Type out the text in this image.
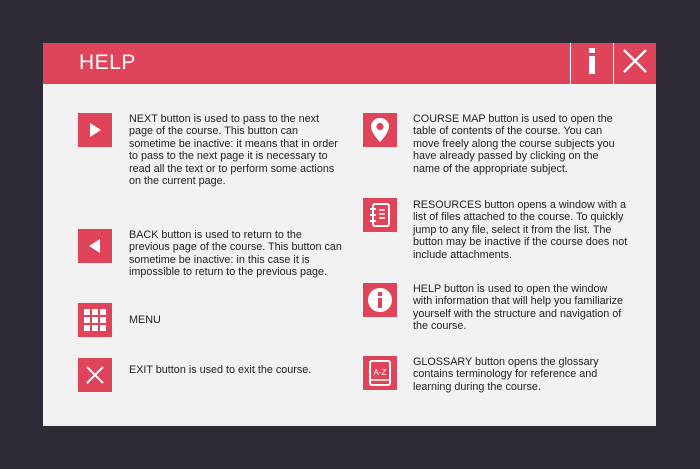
HELP
NEXT button is used to pass to the next page of the course. This button can sometime be inactive: it means that in order to pass to the next page it is necessary to read all the text or to perform some actions on the current page.
BACK button is used to return to the previous page of the course. This button can sometime be inactive: in this case it is impossible to return to the previous page.
MENU
EXIT button is used to exit the course.
COURSE MAP button is used to open the table of contents of the course. You can move freely along the course subjects you have already passed by clicking on the name of the appropriate subject.
RESOURCES button opens a window with a list of files attached to the course. To quickly jump to any file, select it from the list. The button may be inactive if the course does not include attachments.
HELP button is used to open the window with information that will help you familiarize yourself with the structure and navigation of the course.
A-Z
GLOSSARY button opens the glossary contains terminology for reference and learning during the course.
